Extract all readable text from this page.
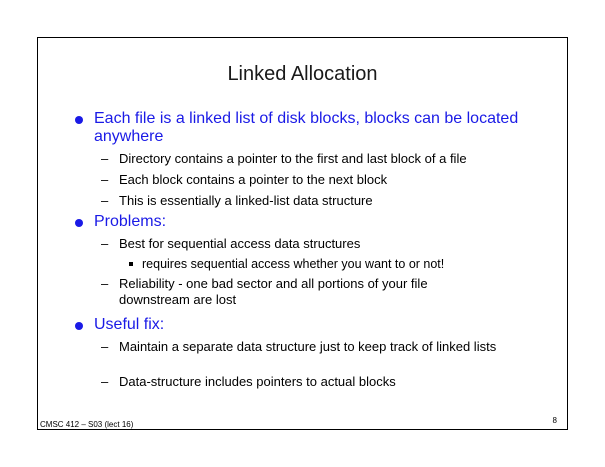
Linked Allocation
Each file is a linked list of disk blocks, blocks can be located anywhere
– Directory contains a pointer to the first and last block of a file
– Each block contains a pointer to the next block
– This is essentially a linked-list data structure
Problems:
– Best for sequential access data structures
requires sequential access whether you want to or not!
– Reliability - one bad sector and all portions of your file downstream are lost
Useful fix:
– Maintain a separate data structure just to keep track of linked lists
– Data-structure includes pointers to actual blocks
CMSC 412 – S03 (lect 16)	8
